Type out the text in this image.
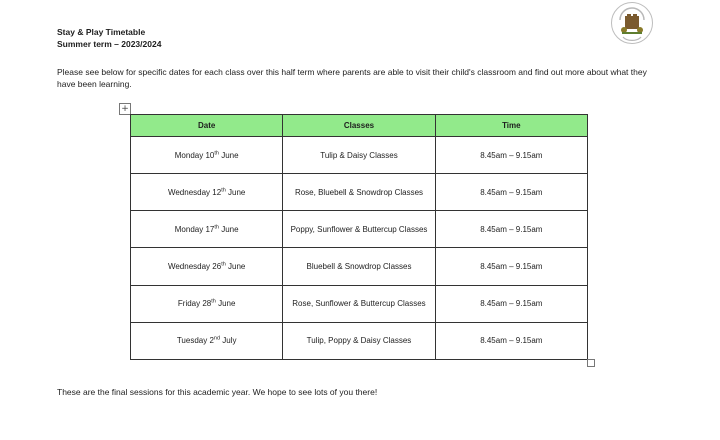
Stay & Play Timetable
Summer term – 2023/2024
Please see below for specific dates for each class over this half term where parents are able to visit their child's classroom and find out more about what they have been learning.
+
Date	Classes	Time
Monday 10th June	Tulip & Daisy Classes	8.45am – 9.15am
Wednesday 12th June	Rose, Bluebell & Snowdrop Classes	8.45am – 9.15am
Monday 17th June	Poppy, Sunflower & Buttercup Classes	8.45am – 9.15am
Wednesday 26th June	Bluebell & Snowdrop Classes	8.45am – 9.15am
Friday 28th June	Rose, Sunflower & Buttercup Classes	8.45am – 9.15am
Tuesday 2nd July	Tulip, Poppy & Daisy Classes	8.45am – 9.15am
These are the final sessions for this academic year. We hope to see lots of you there!
